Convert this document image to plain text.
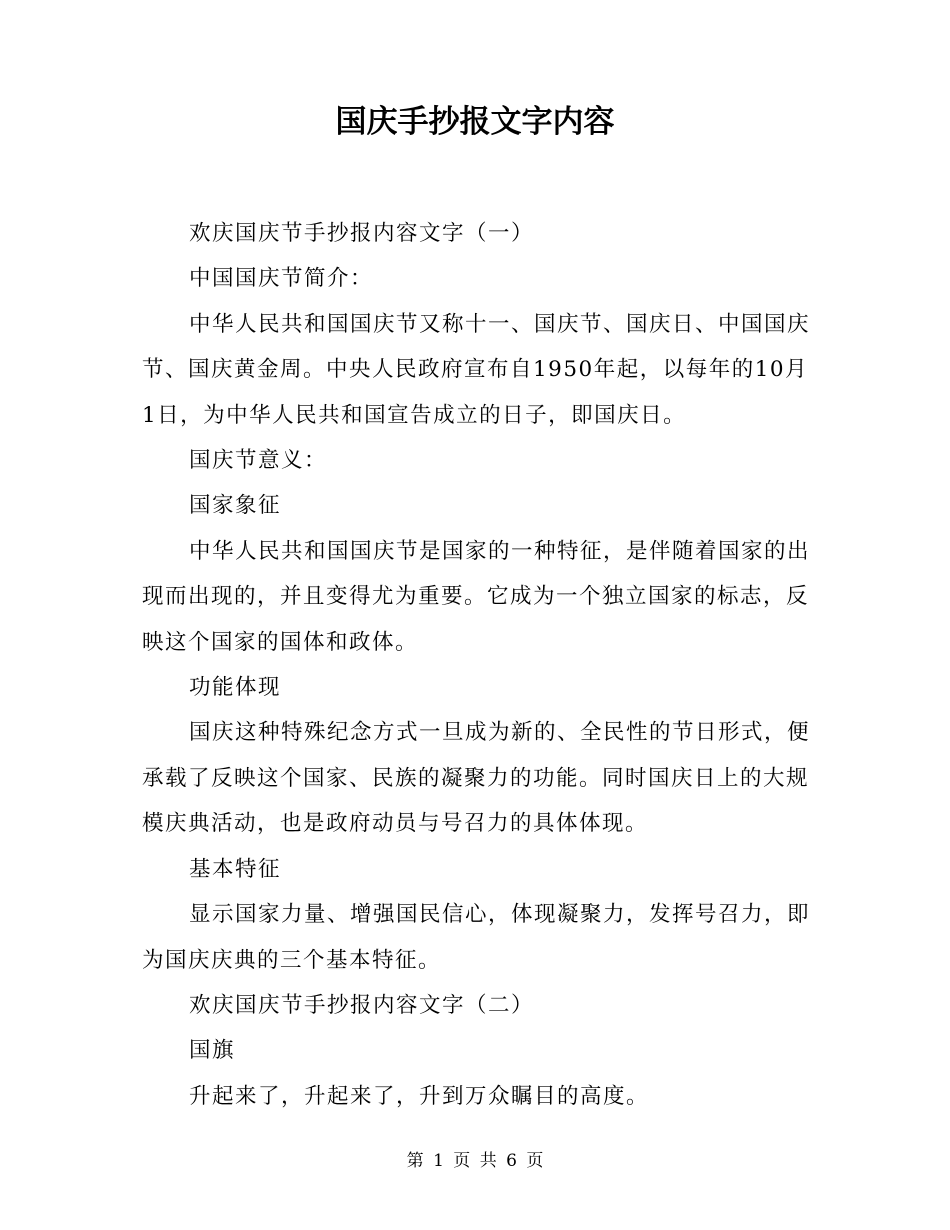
国庆手抄报文字内容

欢庆国庆节手抄报内容文字（一）

中国国庆节简介：

中华人民共和国国庆节又称十一、国庆节、国庆日、中国国庆节、国庆黄金周。中央人民政府宣布自1950年起，以每年的10月1日，为中华人民共和国宣告成立的日子，即国庆日。

国庆节意义：

国家象征

中华人民共和国国庆节是国家的一种特征，是伴随着国家的出现而出现的，并且变得尤为重要。它成为一个独立国家的标志，反映这个国家的国体和政体。

功能体现

国庆这种特殊纪念方式一旦成为新的、全民性的节日形式，便承载了反映这个国家、民族的凝聚力的功能。同时国庆日上的大规模庆典活动，也是政府动员与号召力的具体体现。

基本特征

显示国家力量、增强国民信心，体现凝聚力，发挥号召力，即为国庆庆典的三个基本特征。

欢庆国庆节手抄报内容文字（二）

国旗

升起来了，升起来了，升到万众瞩目的高度。

第 1 页 共 6 页
